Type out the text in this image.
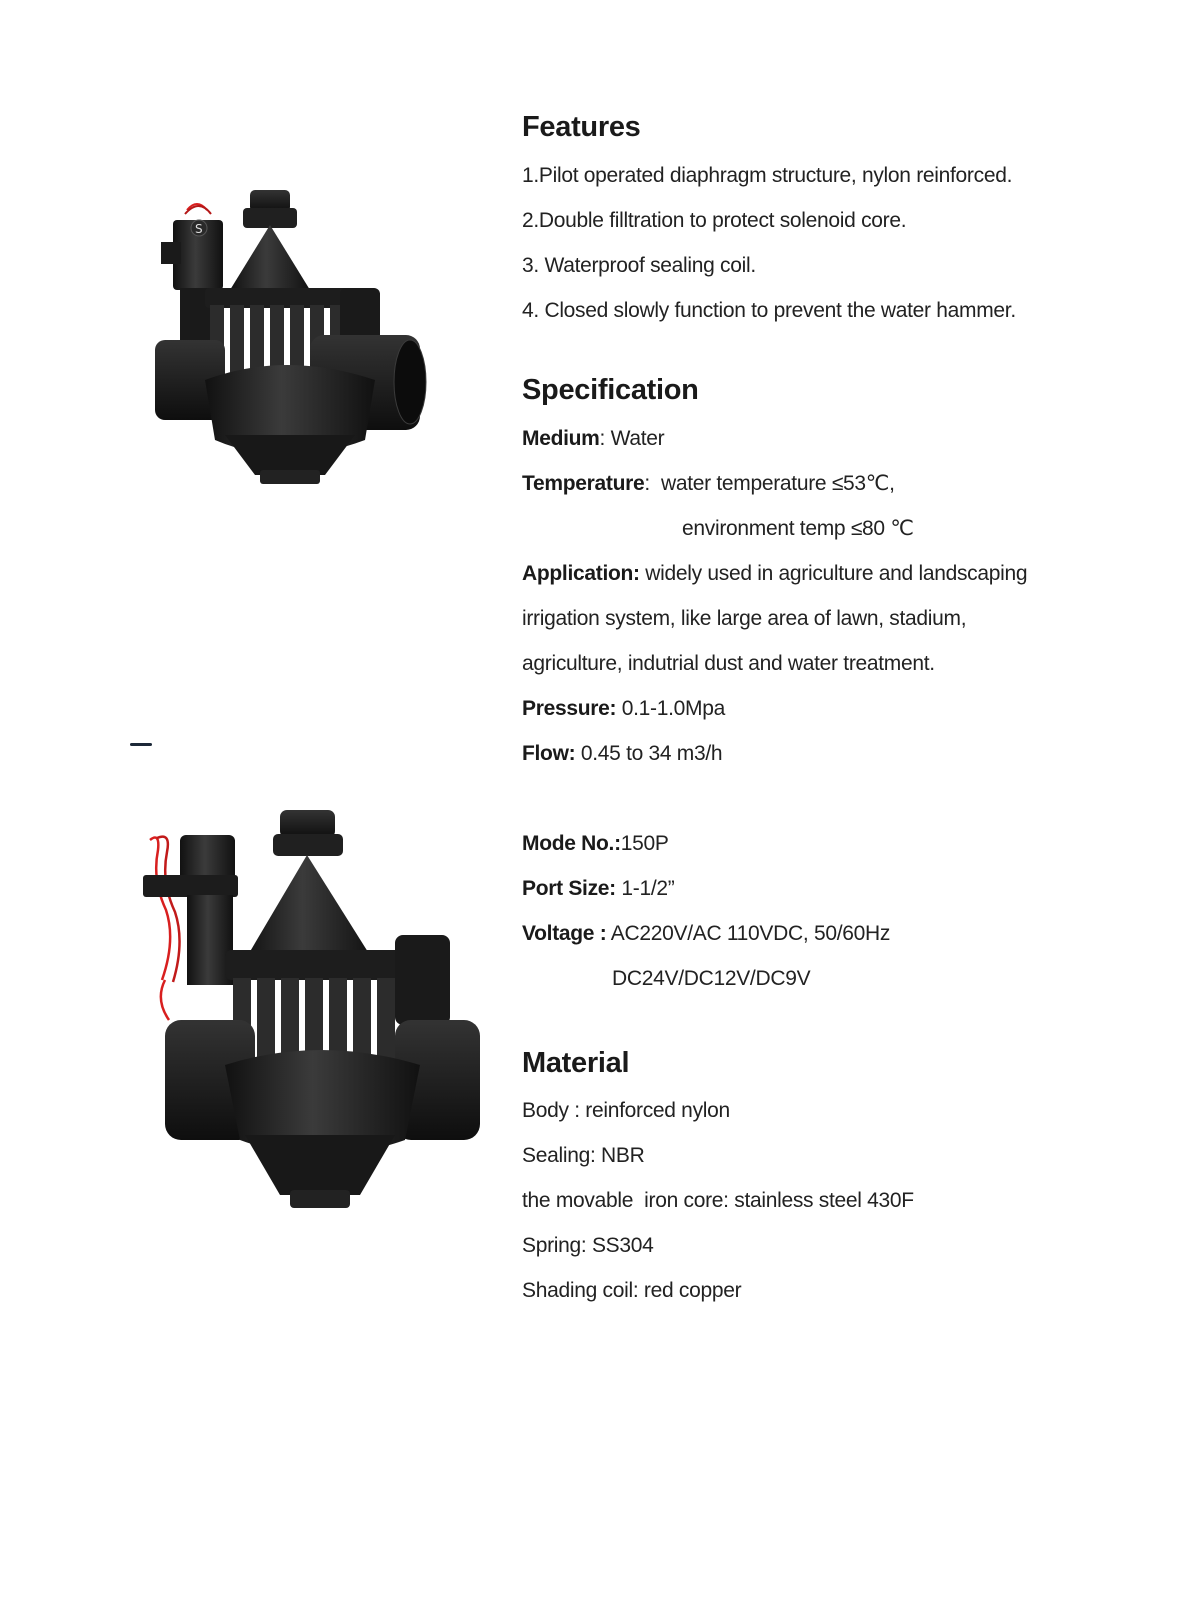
S
Features
1.Pilot operated diaphragm structure, nylon reinforced.
2.Double filltration to protect solenoid core.
3. Waterproof sealing coil.
4. Closed slowly function to prevent the water hammer.
Specification

Medium: Water

Temperature:  water temperature ≤53℃,

environment temp ≤80 ℃

Application: widely used in agriculture and landscaping

irrigation system, like large area of lawn, stadium,

agriculture, indutrial dust and water treatment.

Pressure: 0.1-1.0Mpa

Flow: 0.45 to 34 m3/h

Mode No.:150P

Port Size: 1-1/2”

Voltage : AC220V/AC 110VDC, 50/60Hz

DC24V/DC12V/DC9V

Material

Body : reinforced nylon

Sealing: NBR

the movable  iron core: stainless steel 430F

Spring: SS304

Shading coil: red copper
